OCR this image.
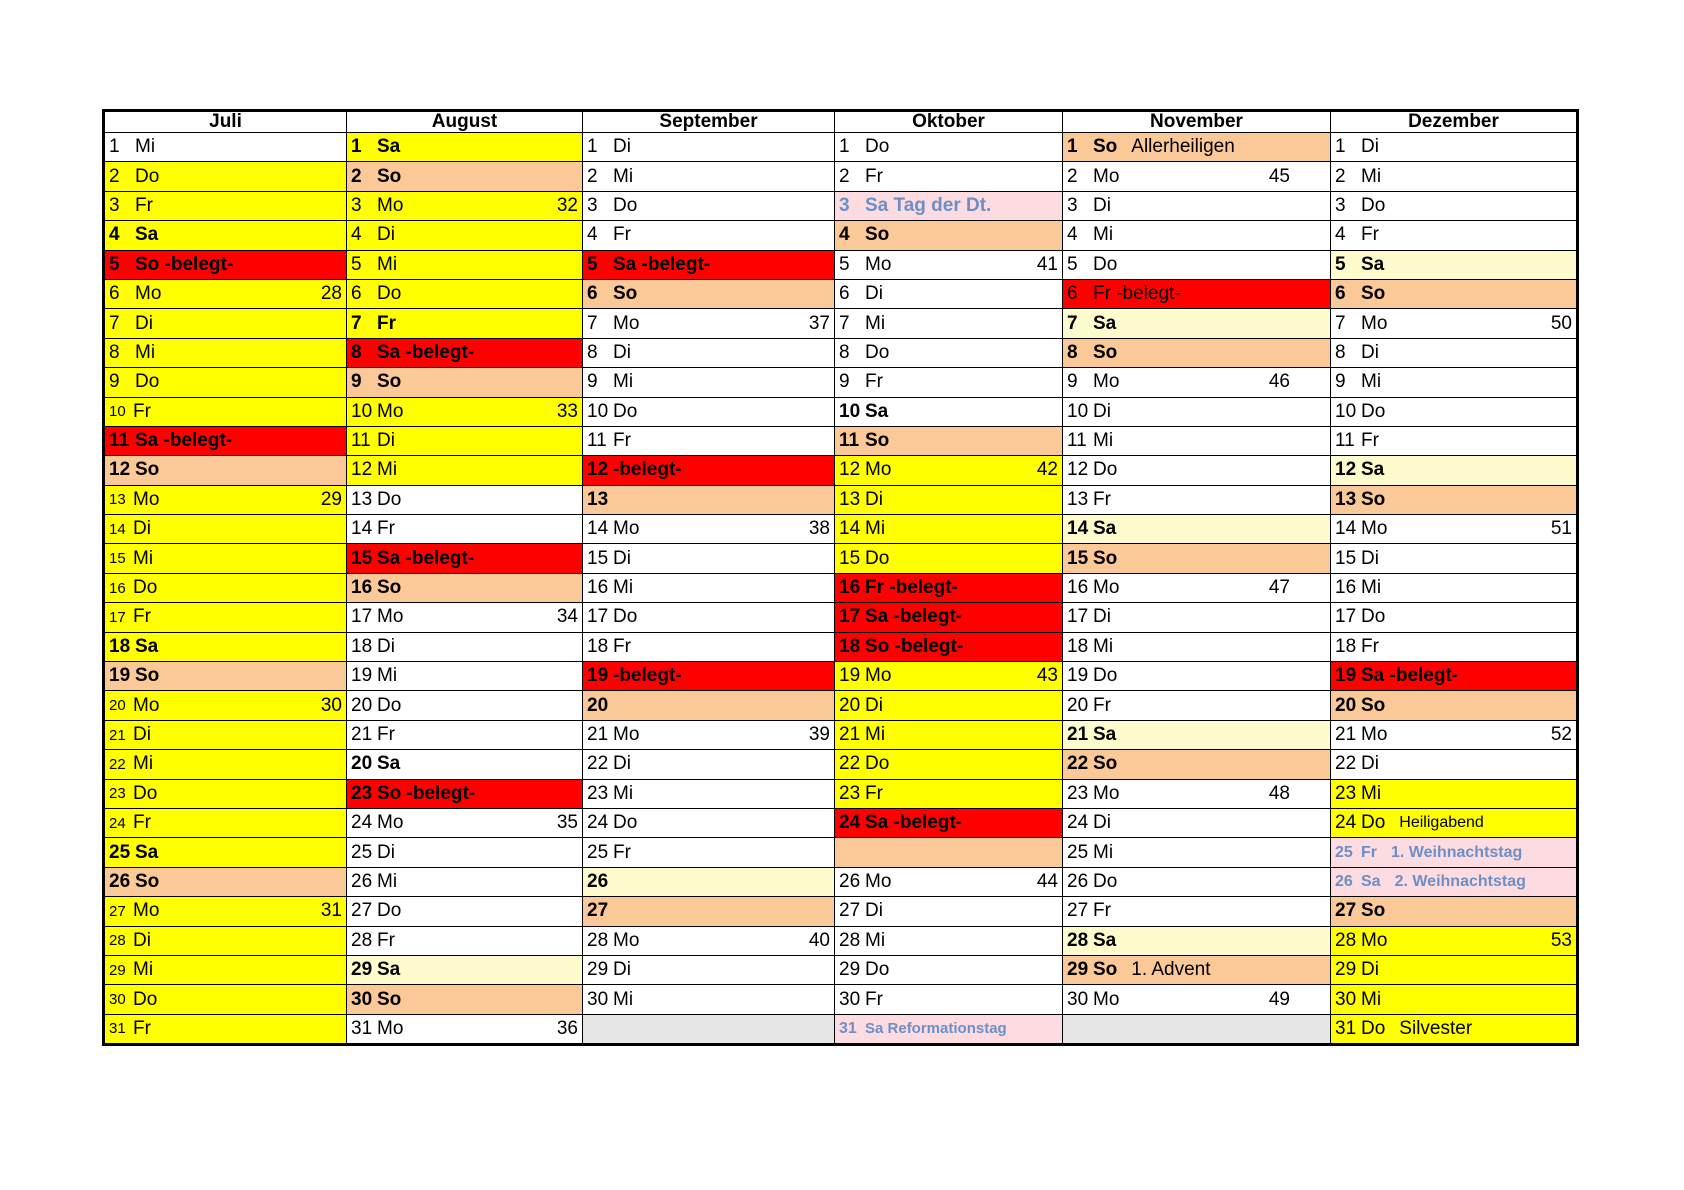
Juli	August	September	Oktober	November	Dezember

1 Mi	1 Sa	1 Di	1 Do	1 So Allerheiligen	1 Di

2 Do	2 So	2 Mi	2 Fr	2 Mo 45	2 Mi

3 Fr	3 Mo 32	3 Do	3 Sa Tag der Dt.	3 Di	3 Do

4 Sa	4 Di	4 Fr	4 So	4 Mi	4 Fr

5 So -belegt-	5 Mi	5 Sa -belegt-	5 Mo 41	5 Do	5 Sa

6 Mo 28	6 Do	6 So	6 Di	6 Fr -belegt-	6 So

7 Di	7 Fr	7 Mo 37	7 Mi	7 Sa	7 Mo 50

8 Mi	8 Sa -belegt-	8 Di	8 Do	8 So	8 Di

9 Do	9 So	9 Mi	9 Fr	9 Mo 46	9 Mi

10 Fr	10 Mo 33	10 Do	10 Sa	10 Di	10 Do

11 Sa -belegt-	11 Di	11 Fr	11 So	11 Mi	11 Fr

12 So	12 Mi	12 -belegt-	12 Mo 42	12 Do	12 Sa

13 Mo 29	13 Do	13	13 Di	13 Fr	13 So

14 Di	14 Fr	14 Mo 38	14 Mi	14 Sa	14 Mo 51

15 Mi	15 Sa -belegt-	15 Di	15 Do	15 So	15 Di

16 Do	16 So	16 Mi	16 Fr -belegt-	16 Mo 47	16 Mi

17 Fr	17 Mo 34	17 Do	17 Sa -belegt-	17 Di	17 Do

18 Sa	18 Di	18 Fr	18 So -belegt-	18 Mi	18 Fr

19 So	19 Mi	19 -belegt-	19 Mo 43	19 Do	19 Sa -belegt-

20 Mo 30	20 Do	20	20 Di	20 Fr	20 So

21 Di	21 Fr	21 Mo 39	21 Mi	21 Sa	21 Mo 52

22 Mi	20 Sa	22 Di	22 Do	22 So	22 Di

23 Do	23 So -belegt-	23 Mi	23 Fr	23 Mo 48	23 Mi

24 Fr	24 Mo 35	24 Do	24 Sa -belegt-	24 Di	24 Do Heiligabend

25 Sa	25 Di	25 Fr		25 Mi	25 Fr 1. Weihnachtstag

26 So	26 Mi	26	26 Mo 44	26 Do	26 Sa 2. Weihnachtstag

27 Mo 31	27 Do	27	27 Di	27 Fr	27 So

28 Di	28 Fr	28 Mo 40	28 Mi	28 Sa	28 Mo 53

29 Mi	29 Sa	29 Di	29 Do	29 So 1. Advent	29 Di

30 Do	30 So	30 Mi	30 Fr	30 Mo 49	30 Mi

31 Fr	31 Mo 36		31 Sa Reformationstag		31 Do Silvester
